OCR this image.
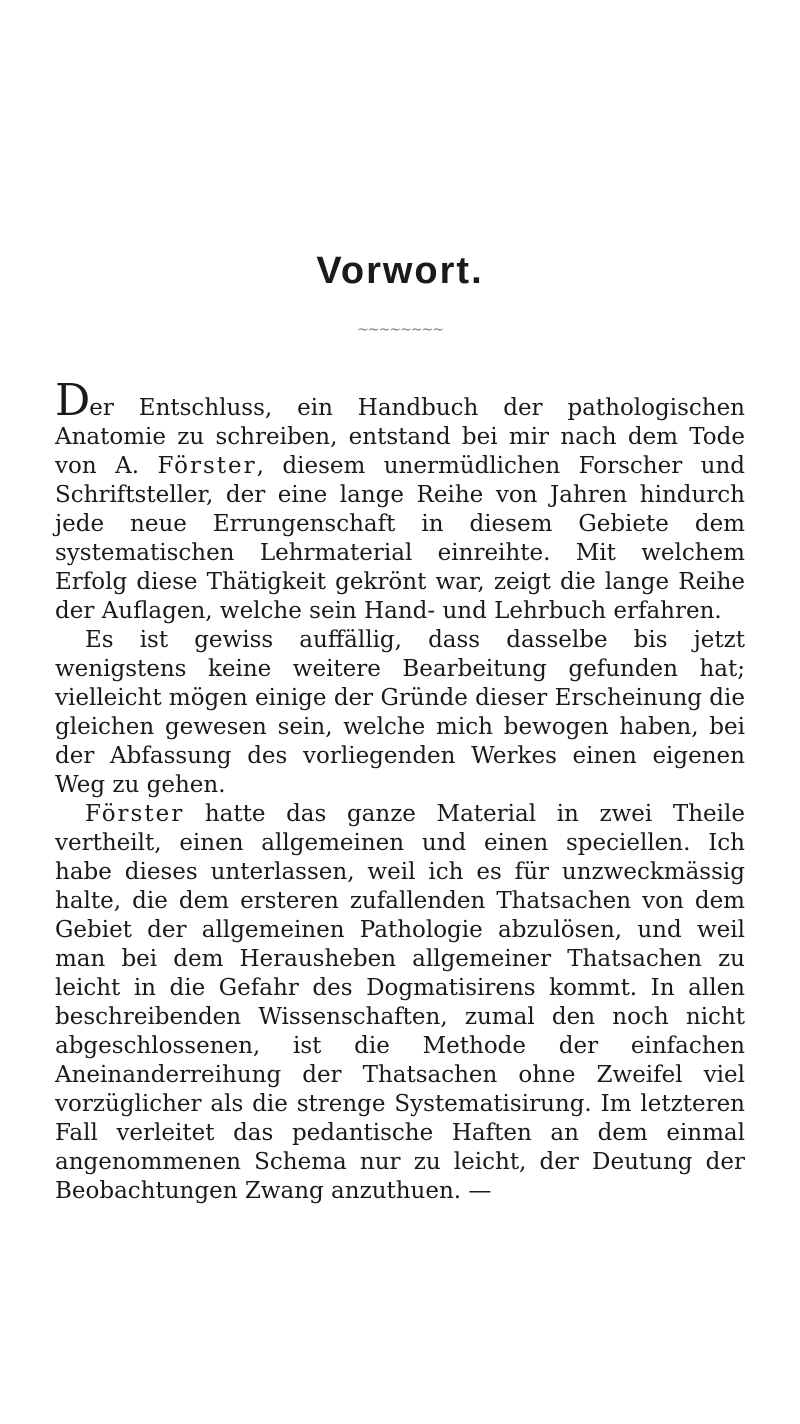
Vorwort.
~~~~~~~~

Der Entschluss, ein Handbuch der pathologischen Anatomie zu schreiben, entstand bei mir nach dem Tode von A. Förster, diesem unermüdlichen Forscher und Schriftsteller, der eine lange Reihe von Jahren hindurch jede neue Errungenschaft in diesem Gebiete dem systematischen Lehrmaterial einreihte. Mit welchem Erfolg diese Thätigkeit gekrönt war, zeigt die lange Reihe der Auflagen, welche sein Hand- und Lehrbuch erfahren.

Es ist gewiss auffällig, dass dasselbe bis jetzt wenigstens keine weitere Bearbeitung gefunden hat; vielleicht mögen einige der Gründe dieser Erscheinung die gleichen gewesen sein, welche mich bewogen haben, bei der Abfassung des vorliegenden Werkes einen eigenen Weg zu gehen.

Förster hatte das ganze Material in zwei Theile vertheilt, einen allgemeinen und einen speciellen. Ich habe dieses unterlassen, weil ich es für unzweckmässig halte, die dem ersteren zufallenden Thatsachen von dem Gebiet der allgemeinen Pathologie abzulösen, und weil man bei dem Herausheben allgemeiner Thatsachen zu leicht in die Gefahr des Dogmatisirens kommt. In allen beschreibenden Wissenschaften, zumal den noch nicht abgeschlossenen, ist die Methode der einfachen Aneinanderreihung der Thatsachen ohne Zweifel viel vorzüglicher als die strenge Systematisirung. Im letzteren Fall verleitet das pedantische Haften an dem einmal angenommenen Schema nur zu leicht, der Deutung der Beobachtungen Zwang anzuthuen. —
